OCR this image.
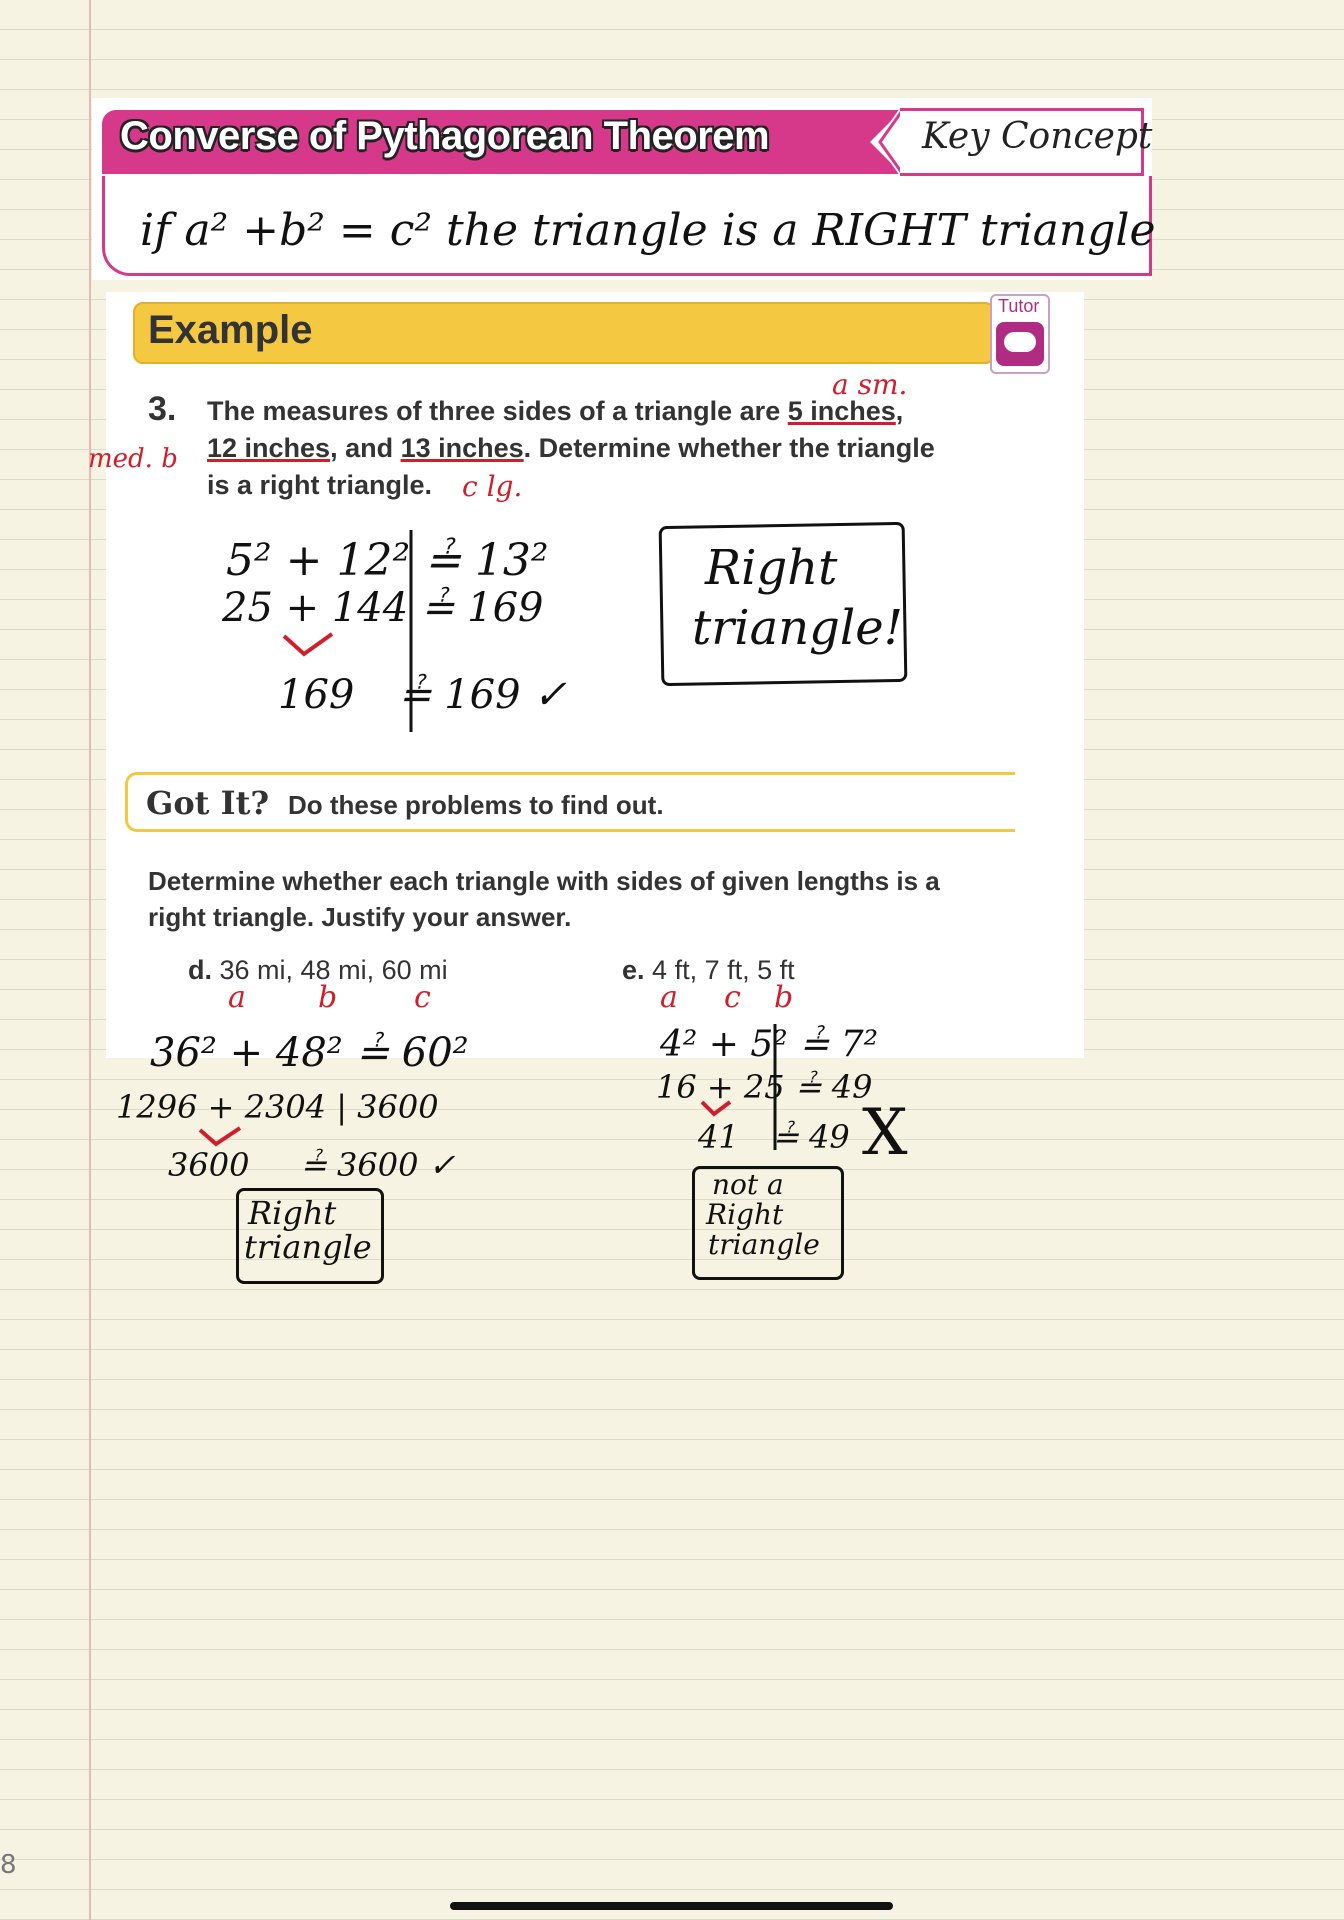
Converse of Pythagorean Theorem	Key Concept
if a² +b² = c² the triangle is a RIGHT triangle
Example
Tutor
a sm.
3. The measures of three sides of a triangle are 5 inches,
med. b 12 inches, and 13 inches. Determine whether the triangle
is a right triangle. c lg.
5² + 12² ≟ 13²
25 + 144 ≟ 169
169 ≟ 169 ✓
Right
triangle!
Got It? Do these problems to find out.
Determine whether each triangle with sides of given lengths is a
right triangle. Justify your answer.
d. 36 mi, 48 mi, 60 mi
a b	c
36² + 48² ≟ 60²
1296 + 2304 | 3600
3600 ≟ 3600 ✓
Right
triangle
e. 4 ft, 7 ft, 5 ft
a c b
4² + 5² ≟ 7²
16 + 25 ≟ 49
41 ≟ 49 X
not a
Right
triangle
8
